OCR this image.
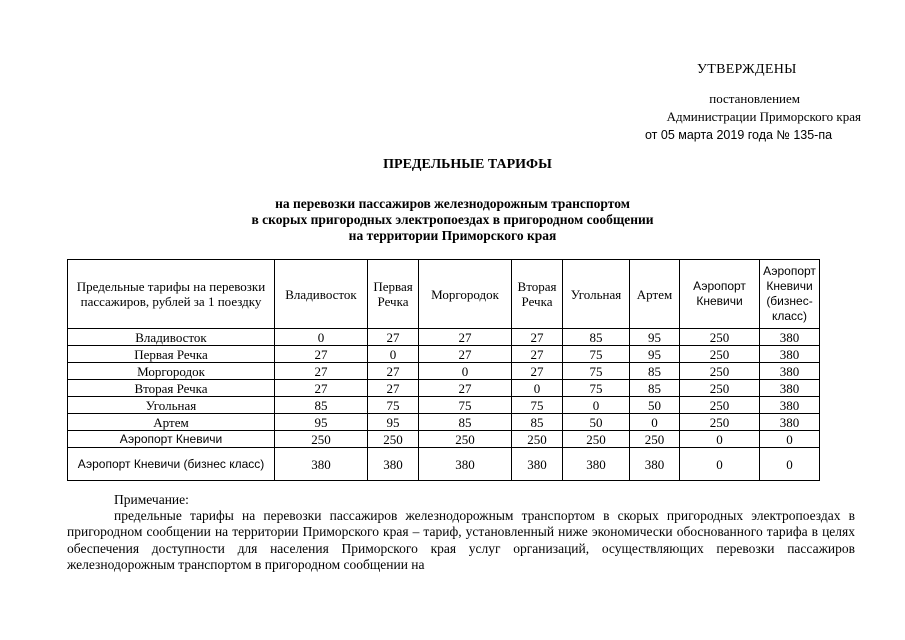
УТВЕРЖДЕНЫ
постановлением
Администрации Приморского края
от 05 марта 2019 года № 135-па
ПРЕДЕЛЬНЫЕ ТАРИФЫ
на перевозки пассажиров железнодорожным транспортом
в скорых пригородных электропоездах в пригородном сообщении
на территории Приморского края
Предельные тарифы на перевозки пассажиров, рублей за 1 поездку	Владивосток	Первая Речка	Моргородок	Вторая Речка	Угольная	Артем	Аэропорт Кневичи	Аэропорт Кневичи (бизнес-класс)
Владивосток	0	27	27	27	85	95	250	380
Первая Речка	27	0	27	27	75	95	250	380
Моргородок	27	27	0	27	75	85	250	380
Вторая Речка	27	27	27	0	75	85	250	380
Угольная	85	75	75	75	0	50	250	380
Артем	95	95	85	85	50	0	250	380
Аэропорт Кневичи	250	250	250	250	250	250	0	0
Аэропорт Кневичи (бизнес класс)	380	380	380	380	380	380	0	0
Примечание:
предельные тарифы на перевозки пассажиров железнодорожным транспортом в скорых пригородных электропоездах в пригородном сообщении на территории Приморского края – тариф, установленный ниже экономически обоснованного тарифа в целях обеспечения доступности для населения Приморского края услуг организаций, осуществляющих перевозки пассажиров железнодорожным транспортом в пригородном сообщении на
